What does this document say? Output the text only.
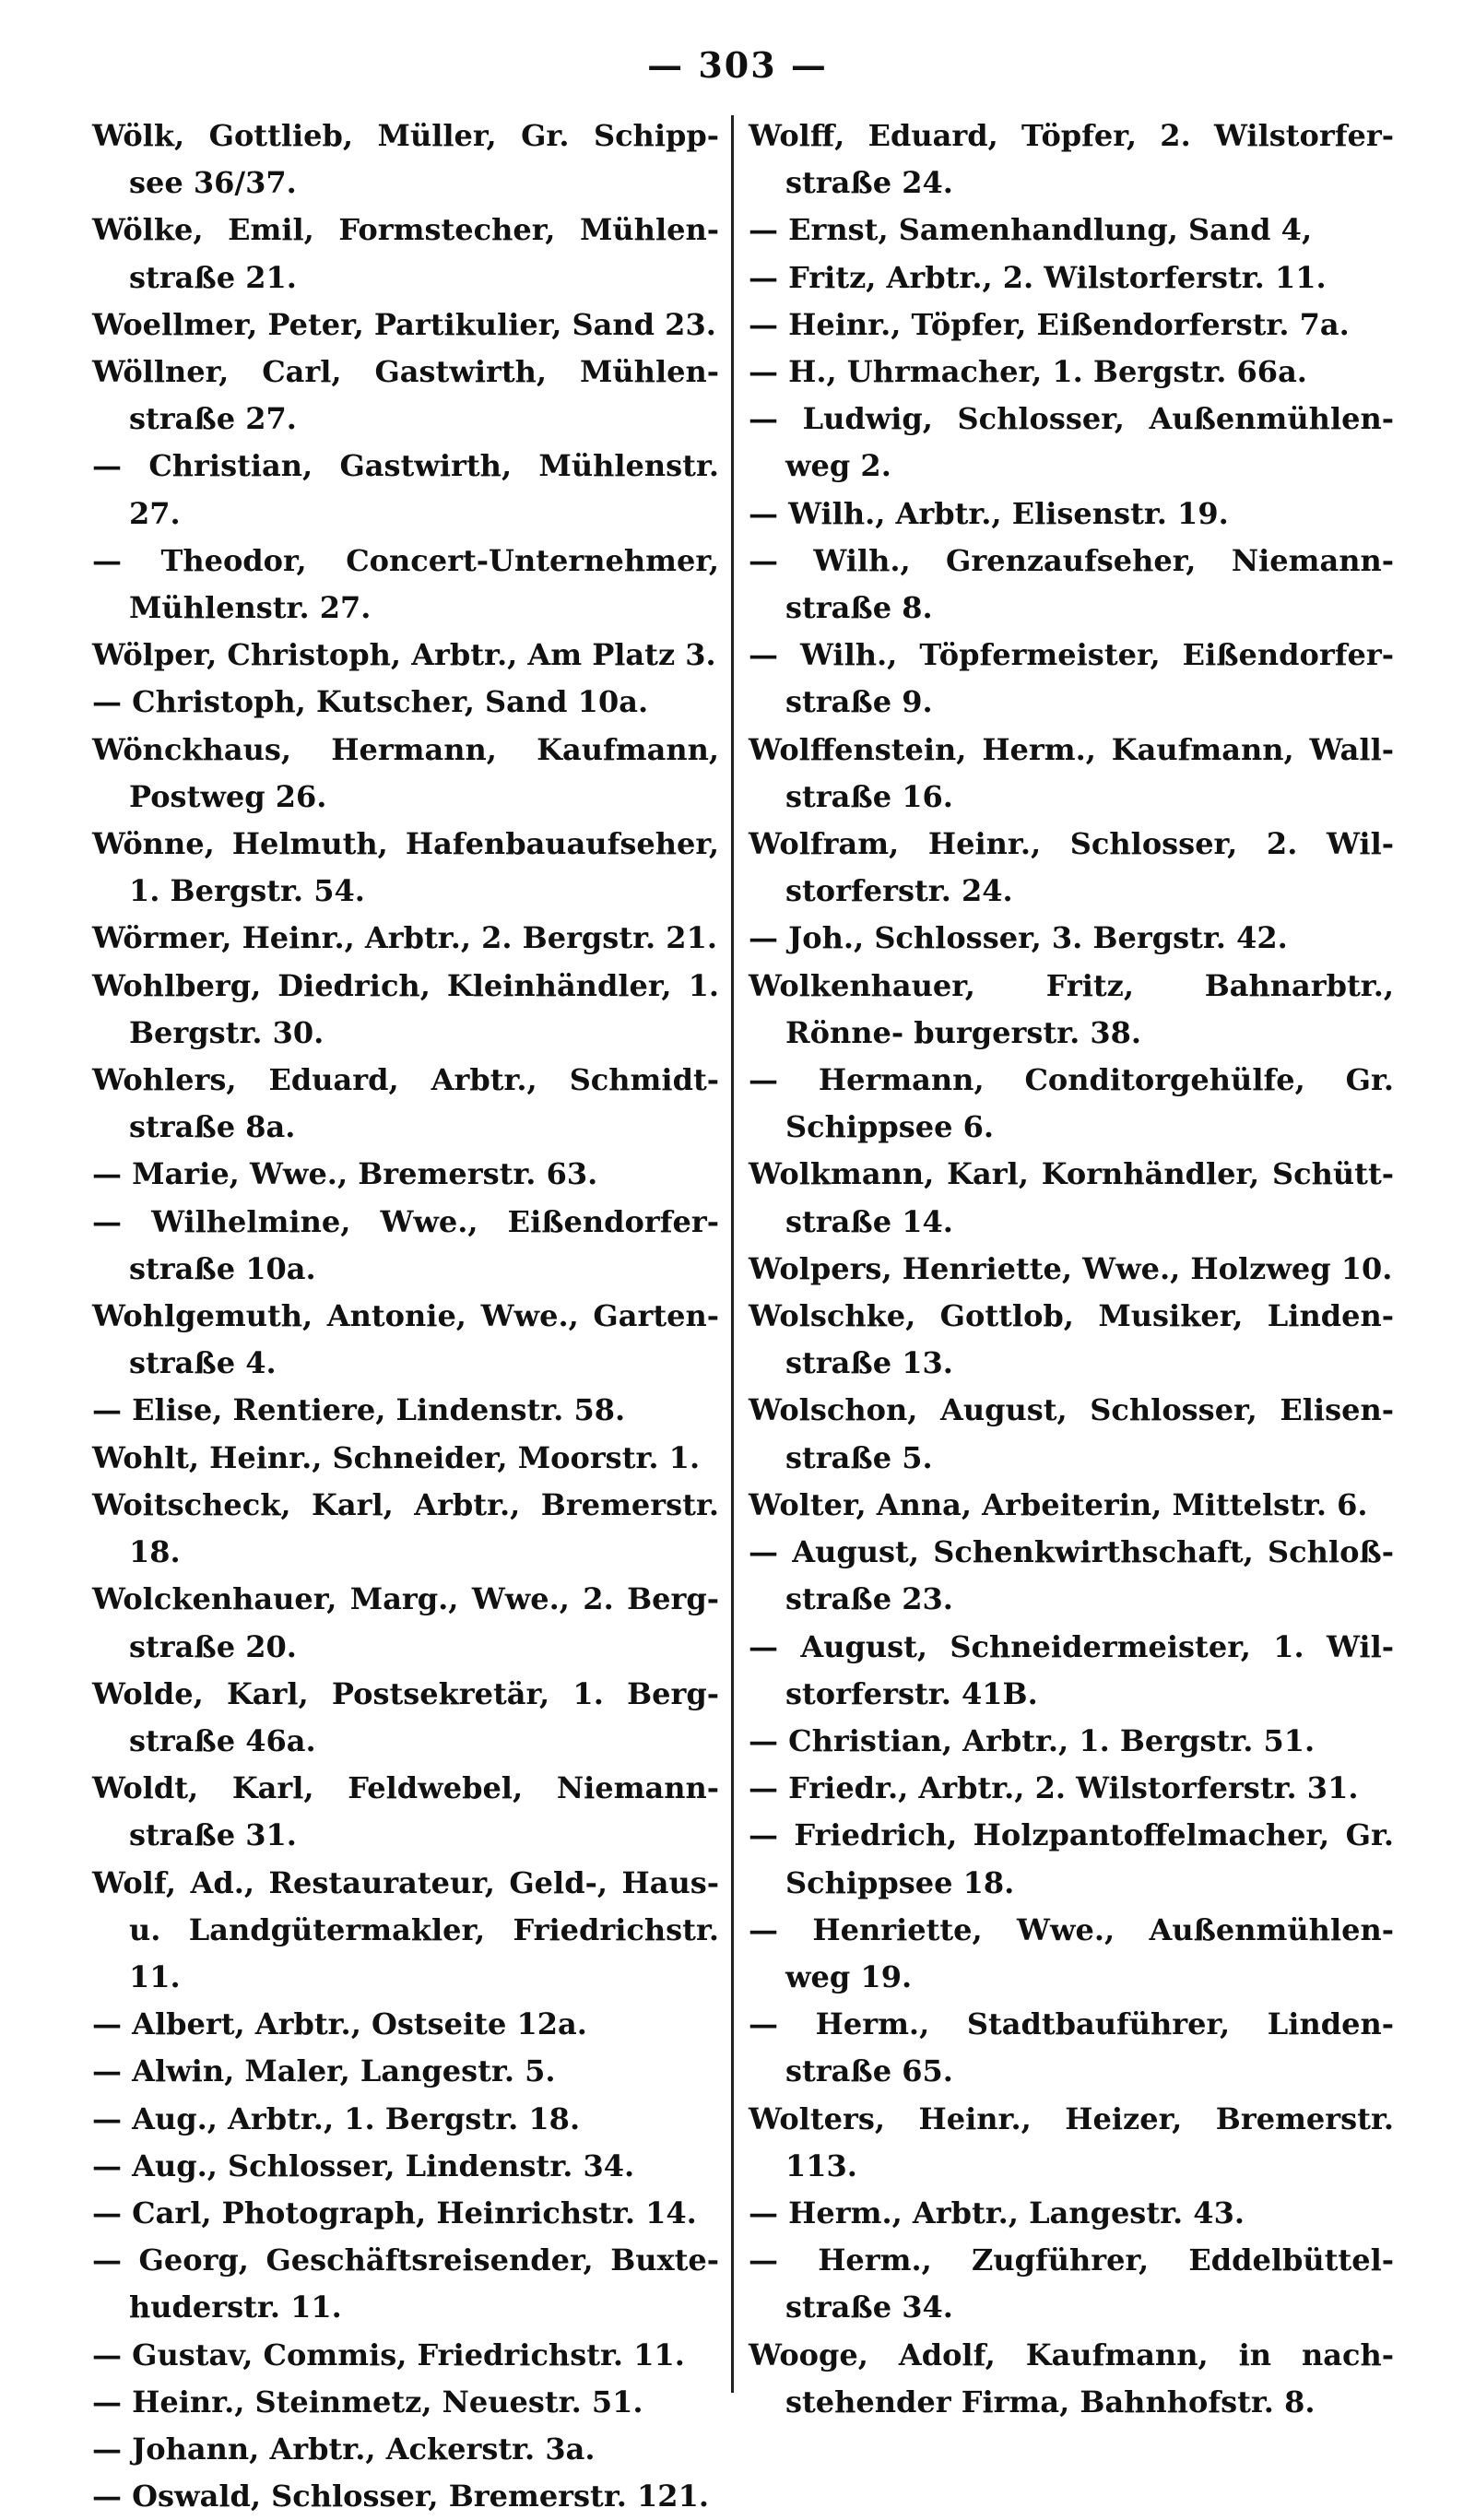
— 303 —
Wölk, Gottlieb, Müller, Gr. Schipp- see 36/37.
Wölke, Emil, Formstecher, Mühlen- straße 21.
Woellmer, Peter, Partikulier, Sand 23.
Wöllner, Carl, Gastwirth, Mühlen- straße 27.
— Christian, Gastwirth, Mühlenstr. 27.
— Theodor, Concert-Unternehmer, Mühlenstr. 27.
Wölper, Christoph, Arbtr., Am Platz 3.
— Christoph, Kutscher, Sand 10a.
Wönckhaus, Hermann, Kaufmann, Postweg 26.
Wönne, Helmuth, Hafenbauaufseher, 1. Bergstr. 54.
Wörmer, Heinr., Arbtr., 2. Bergstr. 21.
Wohlberg, Diedrich, Kleinhändler, 1. Bergstr. 30.
Wohlers, Eduard, Arbtr., Schmidt- straße 8a.
— Marie, Wwe., Bremerstr. 63.
— Wilhelmine, Wwe., Eißendorfer- straße 10a.
Wohlgemuth, Antonie, Wwe., Garten- straße 4.
— Elise, Rentiere, Lindenstr. 58.
Wohlt, Heinr., Schneider, Moorstr. 1.
Woitscheck, Karl, Arbtr., Bremerstr. 18.
Wolckenhauer, Marg., Wwe., 2. Berg- straße 20.
Wolde, Karl, Postsekretär, 1. Berg- straße 46a.
Woldt, Karl, Feldwebel, Niemann- straße 31.
Wolf, Ad., Restaurateur, Geld-, Haus- u. Landgütermakler, Friedrichstr. 11.
— Albert, Arbtr., Ostseite 12a.
— Alwin, Maler, Langestr. 5.
— Aug., Arbtr., 1. Bergstr. 18.
— Aug., Schlosser, Lindenstr. 34.
— Carl, Photograph, Heinrichstr. 14.
— Georg, Geschäftsreisender, Buxte- huderstr. 11.
— Gustav, Commis, Friedrichstr. 11.
— Heinr., Steinmetz, Neuestr. 51.
— Johann, Arbtr., Ackerstr. 3a.
— Oswald, Schlosser, Bremerstr. 121.
Wolff, Eduard, Töpfer, 2. Wilstorfer- straße 24.
— Ernst, Samenhandlung, Sand 4,
— Fritz, Arbtr., 2. Wilstorferstr. 11.
— Heinr., Töpfer, Eißendorferstr. 7a.
— H., Uhrmacher, 1. Bergstr. 66a.
— Ludwig, Schlosser, Außenmühlen- weg 2.
— Wilh., Arbtr., Elisenstr. 19.
— Wilh., Grenzaufseher, Niemann- straße 8.
— Wilh., Töpfermeister, Eißendorfer- straße 9.
Wolffenstein, Herm., Kaufmann, Wall- straße 16.
Wolfram, Heinr., Schlosser, 2. Wil- storferstr. 24.
— Joh., Schlosser, 3. Bergstr. 42.
Wolkenhauer, Fritz, Bahnarbtr., Rönne- burgerstr. 38.
— Hermann, Conditorgehülfe, Gr. Schippsee 6.
Wolkmann, Karl, Kornhändler, Schütt- straße 14.
Wolpers, Henriette, Wwe., Holzweg 10.
Wolschke, Gottlob, Musiker, Linden- straße 13.
Wolschon, August, Schlosser, Elisen- straße 5.
Wolter, Anna, Arbeiterin, Mittelstr. 6.
— August, Schenkwirthschaft, Schloß- straße 23.
— August, Schneidermeister, 1. Wil- storferstr. 41B.
— Christian, Arbtr., 1. Bergstr. 51.
— Friedr., Arbtr., 2. Wilstorferstr. 31.
— Friedrich, Holzpantoffelmacher, Gr. Schippsee 18.
— Henriette, Wwe., Außenmühlen- weg 19.
— Herm., Stadtbauführer, Linden- straße 65.
Wolters, Heinr., Heizer, Bremerstr. 113.
— Herm., Arbtr., Langestr. 43.
— Herm., Zugführer, Eddelbüttel- straße 34.
Wooge, Adolf, Kaufmann, in nach- stehender Firma, Bahnhofstr. 8.
